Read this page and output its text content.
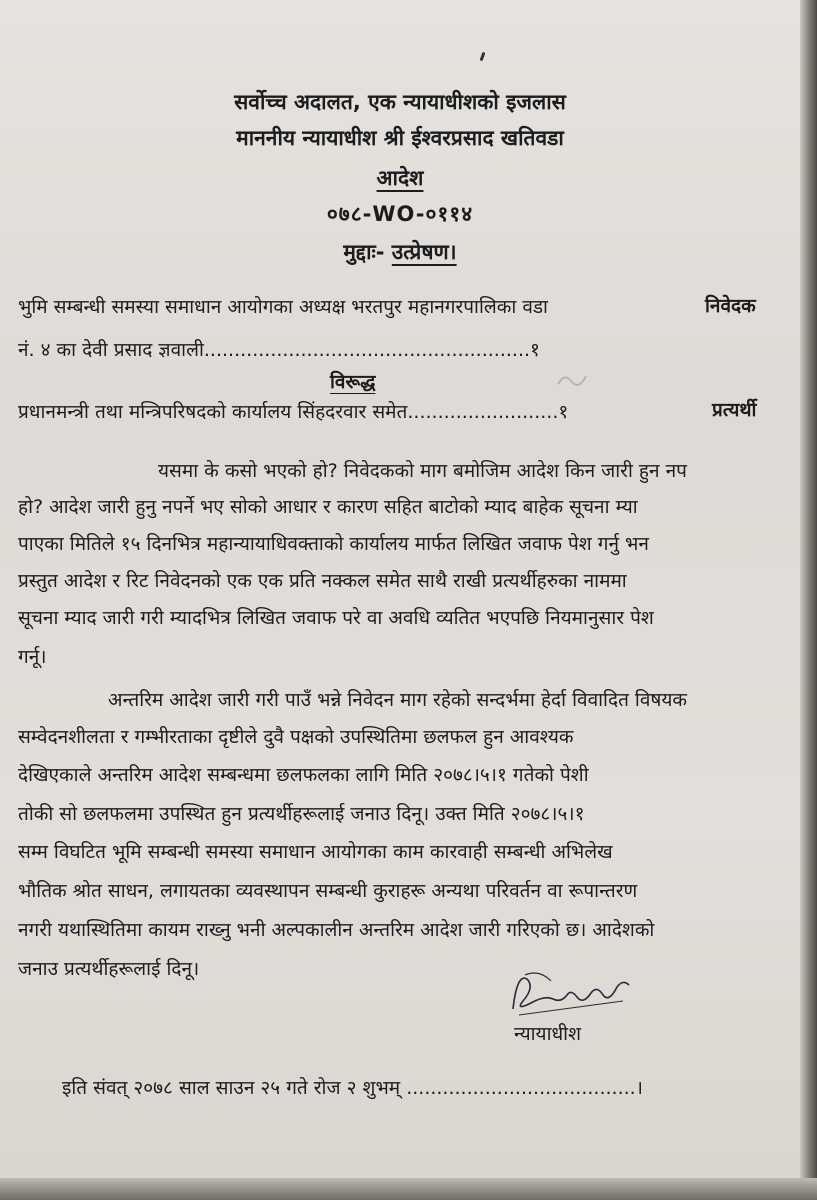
सर्वोच्च अदालत, एक न्यायाधीशको इजलास
माननीय न्यायाधीश श्री ईश्वरप्रसाद खतिवडा
आदेश
०७८-WO-०११४
मुद्दाः- उत्प्रेषण।
भुमि सम्बन्धी समस्या समाधान आयोगका अध्यक्ष भरतपुर महानगरपालिका वडा	निवेदक
नं. ४ का देवी प्रसाद ज्ञवाली......................................................१
विरूद्ध
प्रधानमन्त्री तथा मन्त्रिपरिषदको कार्यालय सिंहदरवार समेत.........................१	प्रत्यर्थी
यसमा के कसो भएको हो? निवेदकको माग बमोजिम आदेश किन जारी हुन नप
हो? आदेश जारी हुनु नपर्ने भए सोको आधार र कारण सहित बाटोको म्याद बाहेक सूचना म्या
पाएका मितिले १५ दिनभित्र महान्यायाधिवक्ताको कार्यालय मार्फत लिखित जवाफ पेश गर्नु भन
प्रस्तुत आदेश र रिट निवेदनको एक एक प्रति नक्कल समेत साथै राखी प्रत्यर्थीहरुका नाममा
सूचना म्याद जारी गरी म्यादभित्र लिखित जवाफ परे वा अवधि व्यतित भएपछि नियमानुसार पेश
गर्नू।
अन्तरिम आदेश जारी गरी पाउँ भन्ने निवेदन माग रहेको सन्दर्भमा हेर्दा विवादित विषयक
सम्वेदनशीलता र गम्भीरताका दृष्टीले दुवै पक्षको उपस्थितिमा छलफल हुन आवश्यक
देखिएकाले अन्तरिम आदेश सम्बन्धमा छलफलका लागि मिति २०७८।५।१ गतेको पेशी
तोकी सो छलफलमा उपस्थित हुन प्रत्यर्थीहरूलाई जनाउ दिनू। उक्त मिति २०७८।५।१
सम्म विघटित भूमि सम्बन्धी समस्या समाधान आयोगका काम कारवाही सम्बन्धी अभिलेख
भौतिक श्रोत साधन, लगायतका व्यवस्थापन सम्बन्धी कुराहरू अन्यथा परिवर्तन वा रूपान्तरण
नगरी यथास्थितिमा कायम राख्नु भनी अल्पकालीन अन्तरिम आदेश जारी गरिएको छ। आदेशको
जनाउ प्रत्यर्थीहरूलाई दिनू।
न्यायाधीश
इति संवत् २०७८ साल साउन २५ गते रोज २ शुभम् ......................................।
